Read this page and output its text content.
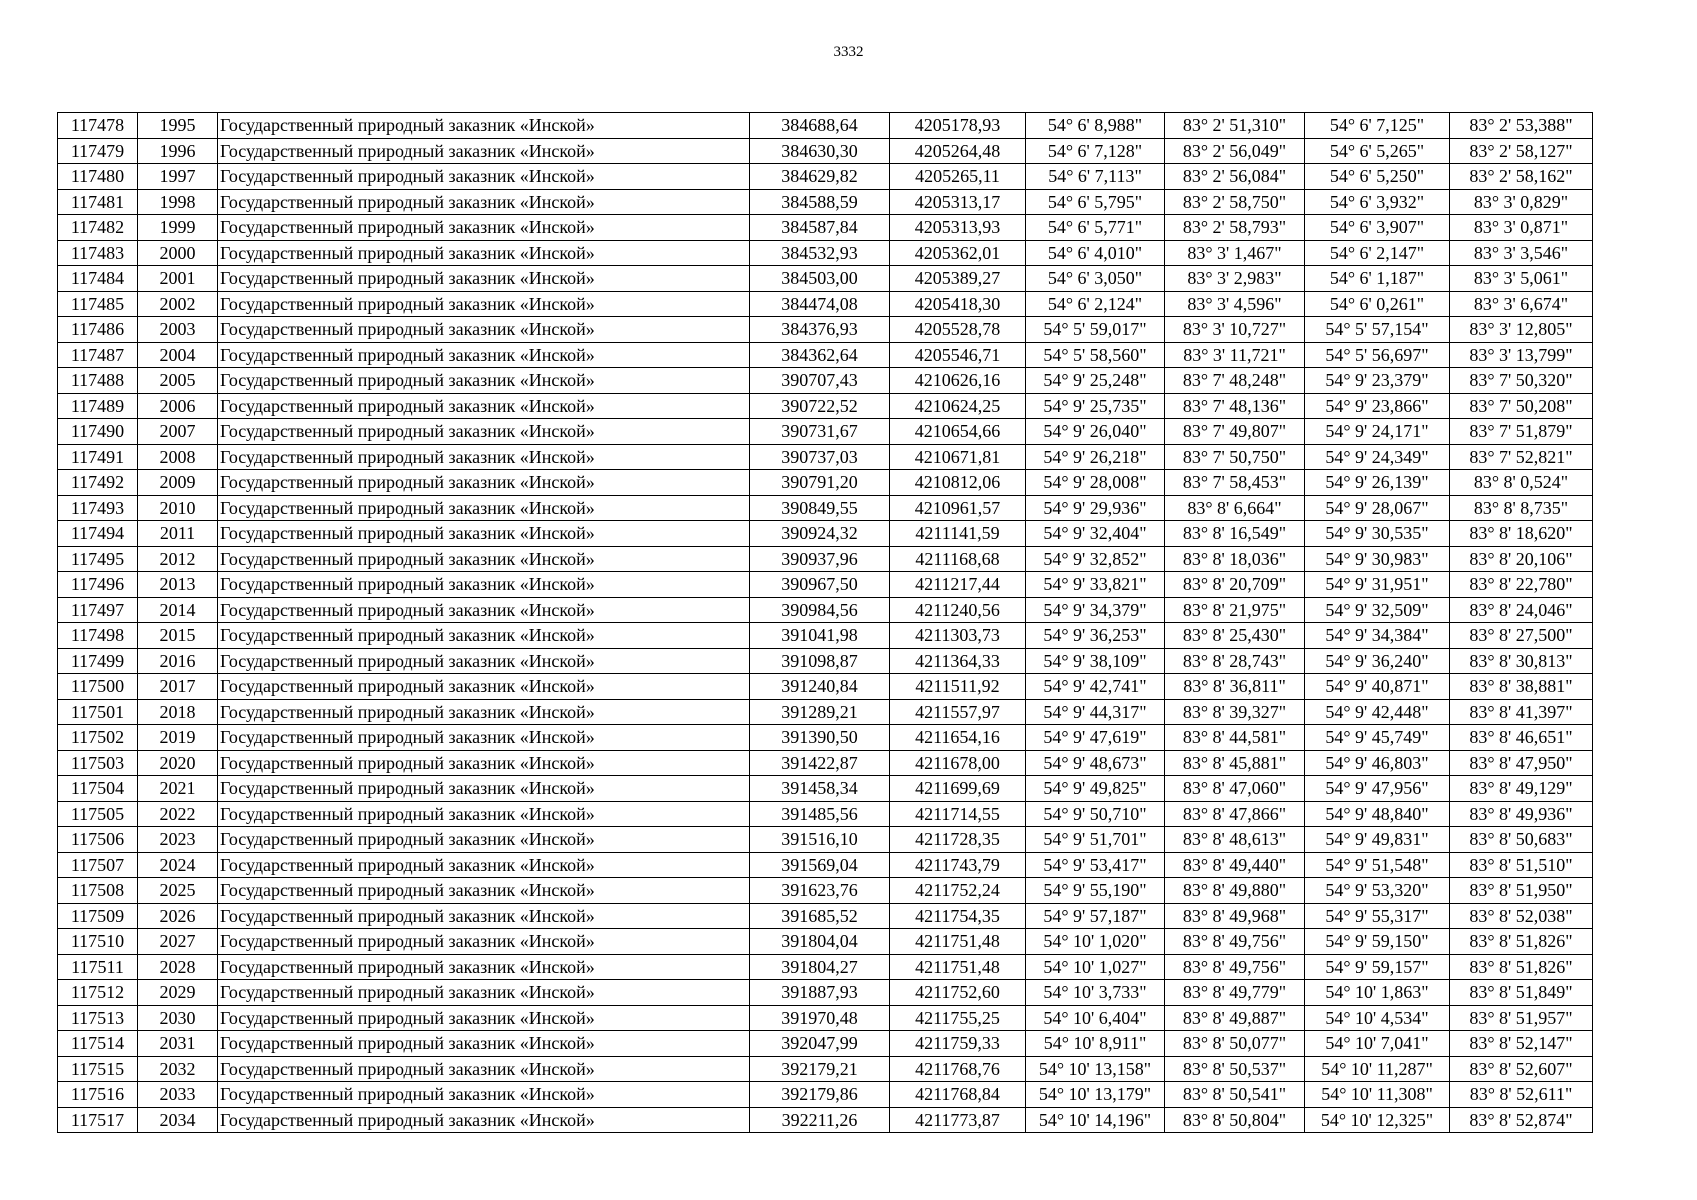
3332
117478	1995	Государственный природный заказник «Инской»	384688,64	4205178,93	54° 6' 8,988"	83° 2' 51,310"	54° 6' 7,125"	83° 2' 53,388"
117479	1996	Государственный природный заказник «Инской»	384630,30	4205264,48	54° 6' 7,128"	83° 2' 56,049"	54° 6' 5,265"	83° 2' 58,127"
117480	1997	Государственный природный заказник «Инской»	384629,82	4205265,11	54° 6' 7,113"	83° 2' 56,084"	54° 6' 5,250"	83° 2' 58,162"
117481	1998	Государственный природный заказник «Инской»	384588,59	4205313,17	54° 6' 5,795"	83° 2' 58,750"	54° 6' 3,932"	83° 3' 0,829"
117482	1999	Государственный природный заказник «Инской»	384587,84	4205313,93	54° 6' 5,771"	83° 2' 58,793"	54° 6' 3,907"	83° 3' 0,871"
117483	2000	Государственный природный заказник «Инской»	384532,93	4205362,01	54° 6' 4,010"	83° 3' 1,467"	54° 6' 2,147"	83° 3' 3,546"
117484	2001	Государственный природный заказник «Инской»	384503,00	4205389,27	54° 6' 3,050"	83° 3' 2,983"	54° 6' 1,187"	83° 3' 5,061"
117485	2002	Государственный природный заказник «Инской»	384474,08	4205418,30	54° 6' 2,124"	83° 3' 4,596"	54° 6' 0,261"	83° 3' 6,674"
117486	2003	Государственный природный заказник «Инской»	384376,93	4205528,78	54° 5' 59,017"	83° 3' 10,727"	54° 5' 57,154"	83° 3' 12,805"
117487	2004	Государственный природный заказник «Инской»	384362,64	4205546,71	54° 5' 58,560"	83° 3' 11,721"	54° 5' 56,697"	83° 3' 13,799"
117488	2005	Государственный природный заказник «Инской»	390707,43	4210626,16	54° 9' 25,248"	83° 7' 48,248"	54° 9' 23,379"	83° 7' 50,320"
117489	2006	Государственный природный заказник «Инской»	390722,52	4210624,25	54° 9' 25,735"	83° 7' 48,136"	54° 9' 23,866"	83° 7' 50,208"
117490	2007	Государственный природный заказник «Инской»	390731,67	4210654,66	54° 9' 26,040"	83° 7' 49,807"	54° 9' 24,171"	83° 7' 51,879"
117491	2008	Государственный природный заказник «Инской»	390737,03	4210671,81	54° 9' 26,218"	83° 7' 50,750"	54° 9' 24,349"	83° 7' 52,821"
117492	2009	Государственный природный заказник «Инской»	390791,20	4210812,06	54° 9' 28,008"	83° 7' 58,453"	54° 9' 26,139"	83° 8' 0,524"
117493	2010	Государственный природный заказник «Инской»	390849,55	4210961,57	54° 9' 29,936"	83° 8' 6,664"	54° 9' 28,067"	83° 8' 8,735"
117494	2011	Государственный природный заказник «Инской»	390924,32	4211141,59	54° 9' 32,404"	83° 8' 16,549"	54° 9' 30,535"	83° 8' 18,620"
117495	2012	Государственный природный заказник «Инской»	390937,96	4211168,68	54° 9' 32,852"	83° 8' 18,036"	54° 9' 30,983"	83° 8' 20,106"
117496	2013	Государственный природный заказник «Инской»	390967,50	4211217,44	54° 9' 33,821"	83° 8' 20,709"	54° 9' 31,951"	83° 8' 22,780"
117497	2014	Государственный природный заказник «Инской»	390984,56	4211240,56	54° 9' 34,379"	83° 8' 21,975"	54° 9' 32,509"	83° 8' 24,046"
117498	2015	Государственный природный заказник «Инской»	391041,98	4211303,73	54° 9' 36,253"	83° 8' 25,430"	54° 9' 34,384"	83° 8' 27,500"
117499	2016	Государственный природный заказник «Инской»	391098,87	4211364,33	54° 9' 38,109"	83° 8' 28,743"	54° 9' 36,240"	83° 8' 30,813"
117500	2017	Государственный природный заказник «Инской»	391240,84	4211511,92	54° 9' 42,741"	83° 8' 36,811"	54° 9' 40,871"	83° 8' 38,881"
117501	2018	Государственный природный заказник «Инской»	391289,21	4211557,97	54° 9' 44,317"	83° 8' 39,327"	54° 9' 42,448"	83° 8' 41,397"
117502	2019	Государственный природный заказник «Инской»	391390,50	4211654,16	54° 9' 47,619"	83° 8' 44,581"	54° 9' 45,749"	83° 8' 46,651"
117503	2020	Государственный природный заказник «Инской»	391422,87	4211678,00	54° 9' 48,673"	83° 8' 45,881"	54° 9' 46,803"	83° 8' 47,950"
117504	2021	Государственный природный заказник «Инской»	391458,34	4211699,69	54° 9' 49,825"	83° 8' 47,060"	54° 9' 47,956"	83° 8' 49,129"
117505	2022	Государственный природный заказник «Инской»	391485,56	4211714,55	54° 9' 50,710"	83° 8' 47,866"	54° 9' 48,840"	83° 8' 49,936"
117506	2023	Государственный природный заказник «Инской»	391516,10	4211728,35	54° 9' 51,701"	83° 8' 48,613"	54° 9' 49,831"	83° 8' 50,683"
117507	2024	Государственный природный заказник «Инской»	391569,04	4211743,79	54° 9' 53,417"	83° 8' 49,440"	54° 9' 51,548"	83° 8' 51,510"
117508	2025	Государственный природный заказник «Инской»	391623,76	4211752,24	54° 9' 55,190"	83° 8' 49,880"	54° 9' 53,320"	83° 8' 51,950"
117509	2026	Государственный природный заказник «Инской»	391685,52	4211754,35	54° 9' 57,187"	83° 8' 49,968"	54° 9' 55,317"	83° 8' 52,038"
117510	2027	Государственный природный заказник «Инской»	391804,04	4211751,48	54° 10' 1,020"	83° 8' 49,756"	54° 9' 59,150"	83° 8' 51,826"
117511	2028	Государственный природный заказник «Инской»	391804,27	4211751,48	54° 10' 1,027"	83° 8' 49,756"	54° 9' 59,157"	83° 8' 51,826"
117512	2029	Государственный природный заказник «Инской»	391887,93	4211752,60	54° 10' 3,733"	83° 8' 49,779"	54° 10' 1,863"	83° 8' 51,849"
117513	2030	Государственный природный заказник «Инской»	391970,48	4211755,25	54° 10' 6,404"	83° 8' 49,887"	54° 10' 4,534"	83° 8' 51,957"
117514	2031	Государственный природный заказник «Инской»	392047,99	4211759,33	54° 10' 8,911"	83° 8' 50,077"	54° 10' 7,041"	83° 8' 52,147"
117515	2032	Государственный природный заказник «Инской»	392179,21	4211768,76	54° 10' 13,158"	83° 8' 50,537"	54° 10' 11,287"	83° 8' 52,607"
117516	2033	Государственный природный заказник «Инской»	392179,86	4211768,84	54° 10' 13,179"	83° 8' 50,541"	54° 10' 11,308"	83° 8' 52,611"
117517	2034	Государственный природный заказник «Инской»	392211,26	4211773,87	54° 10' 14,196"	83° 8' 50,804"	54° 10' 12,325"	83° 8' 52,874"
